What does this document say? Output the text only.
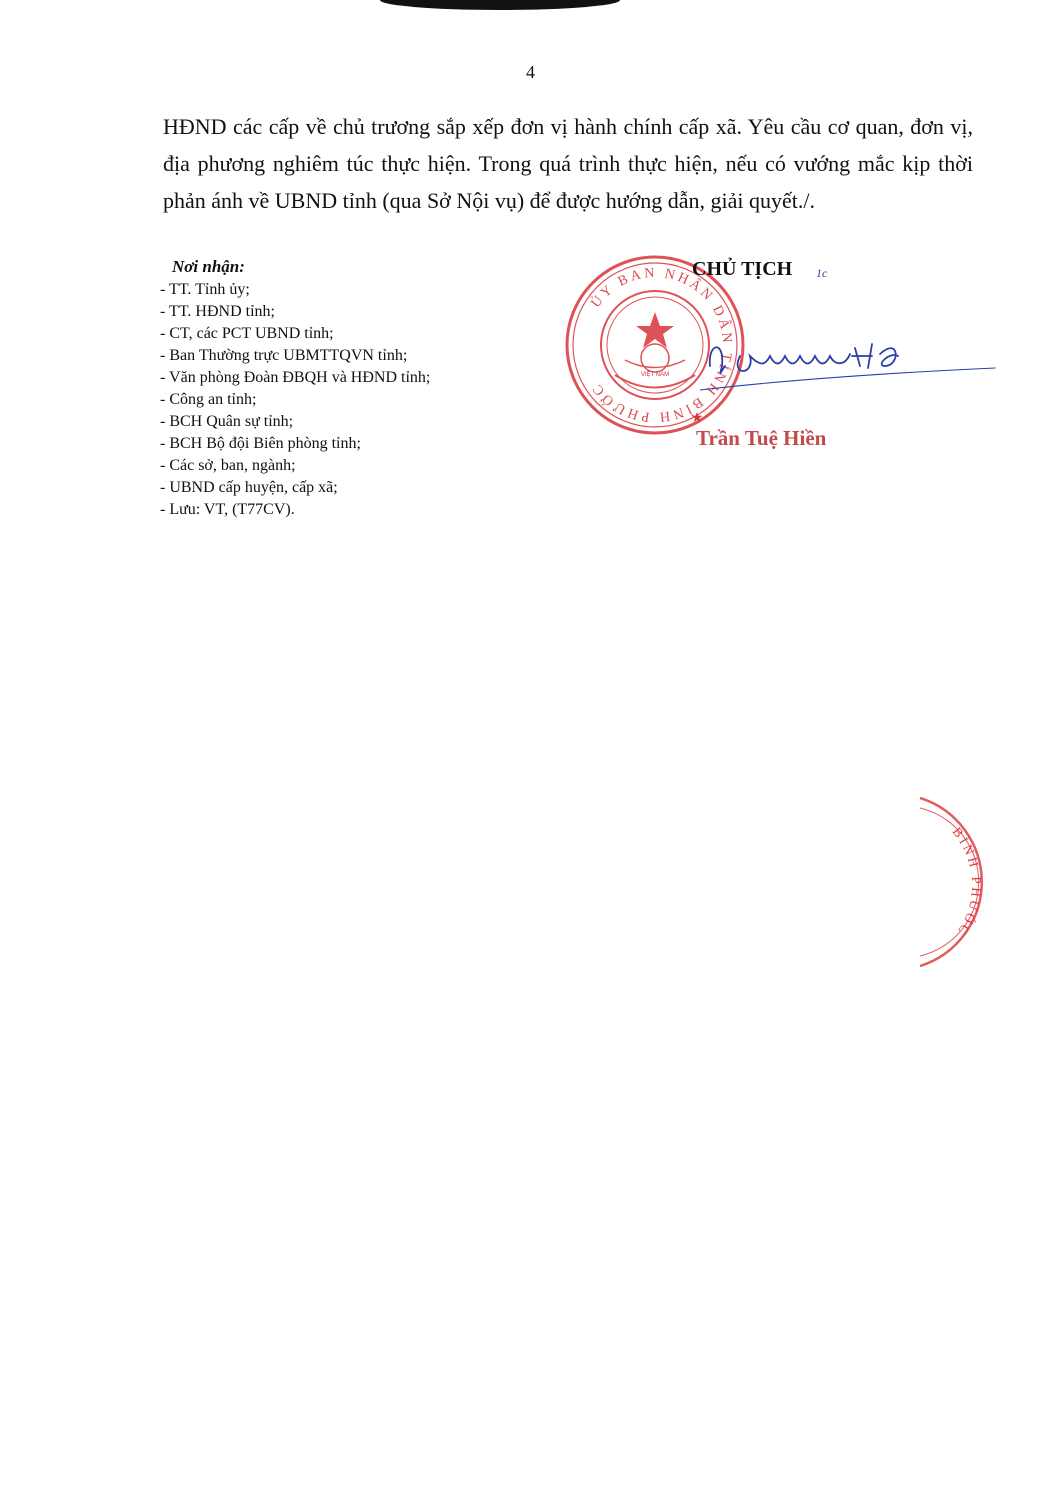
4
HĐND các cấp về chủ trương sắp xếp đơn vị hành chính cấp xã. Yêu cầu cơ quan, đơn vị, địa phương nghiêm túc thực hiện. Trong quá trình thực hiện, nếu có vướng mắc kịp thời phản ánh về UBND tỉnh (qua Sở Nội vụ) để được hướng dẫn, giải quyết./.
Nơi nhận:
- TT. Tỉnh ủy;
- TT. HĐND tỉnh;
- CT, các PCT UBND tỉnh;
- Ban Thường trực UBMTTQVN tỉnh;
- Văn phòng Đoàn ĐBQH và HĐND tỉnh;
- Công an tỉnh;
- BCH Quân sự tỉnh;
- BCH Bộ đội Biên phòng tỉnh;
- Các sở, ban, ngành;
- UBND cấp huyện, cấp xã;
- Lưu: VT, (T77CV).
ỦY BAN NHÂN DÂN TỈNH BÌNH PHƯỚC
VIỆT NAM
★
CHỦ TỊCH 1c
Trần Tuệ Hiền
BÌNH PHƯỚC
